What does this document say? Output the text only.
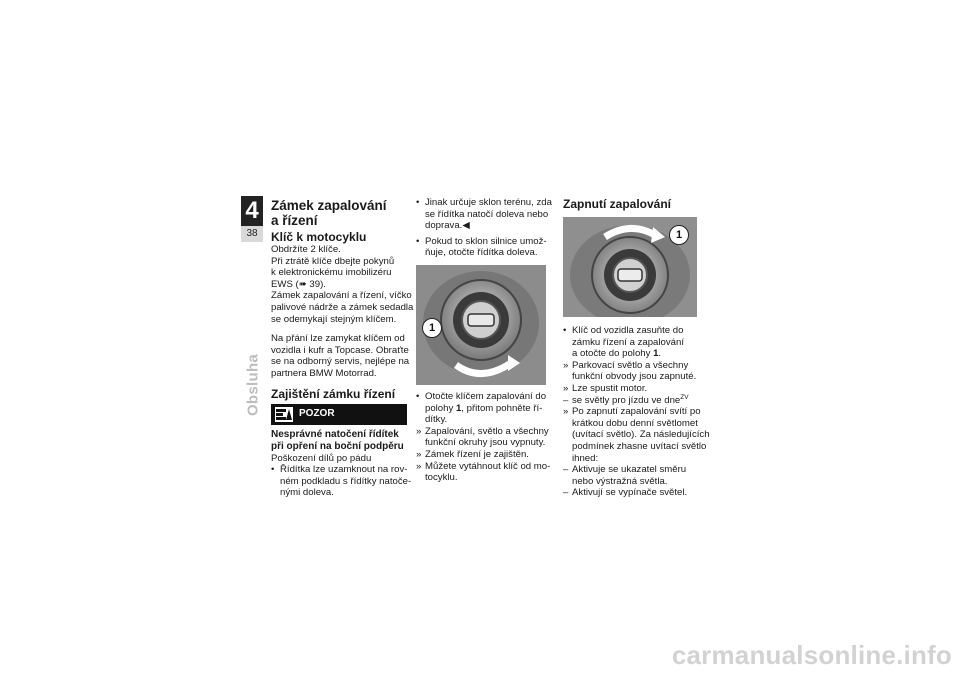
4
38
Obsluha
Zámek zapalování
a řízení
Klíč k motocyklu

Obdržíte 2 klíče.
Při ztrátě klíče dbejte pokynů
k elektronickému imobilizéru
EWS (➠ 39).
Zámek zapalování a řízení, víčko
palivové nádrže a zámek sedadla
se odemykají stejným klíčem.

Na přání lze zamykat klíčem od
vozidla i kufr a Topcase. Obraťte
se na odborný servis, nejlépe na
partnera BMW Motorrad.

Zajištění zámku řízení
POZOR
Nesprávné natočení řídítek
při opření na boční podpěru

Poškození dílů po pádu

• Řídítka lze uzamknout na rov-
ném podkladu s řídítky natoče-
nými doleva.

• Jinak určuje sklon terénu, zda
se řídítka natočí doleva nebo
doprava.◀

• Pokud to sklon silnice umož-
ňuje, otočte řídítka doleva.

1

• Otočte klíčem zapalování do
polohy 1, přitom pohněte ří-
dítky.

» Zapalování, světlo a všechny
funkční okruhy jsou vypnuty.

» Zámek řízení je zajištěn.

» Můžete vytáhnout klíč od mo-
tocyklu.

Zapnutí zapalování
1

• Klíč od vozidla zasuňte do
zámku řízení a zapalování
a otočte do polohy 1.

» Parkovací světlo a všechny
funkční obvody jsou zapnuté.

» Lze spustit motor.

– se světly pro jízdu ve dne$^{ZV}$

» Po zapnutí zapalování svítí po
krátkou dobu denní světlomet
(uvítací světlo). Za následujících
podmínek zhasne uvítací světlo
ihned:

– Aktivuje se ukazatel směru
nebo výstražná světla.

– Aktivují se vypínače světel.

carmanualsonline.info
